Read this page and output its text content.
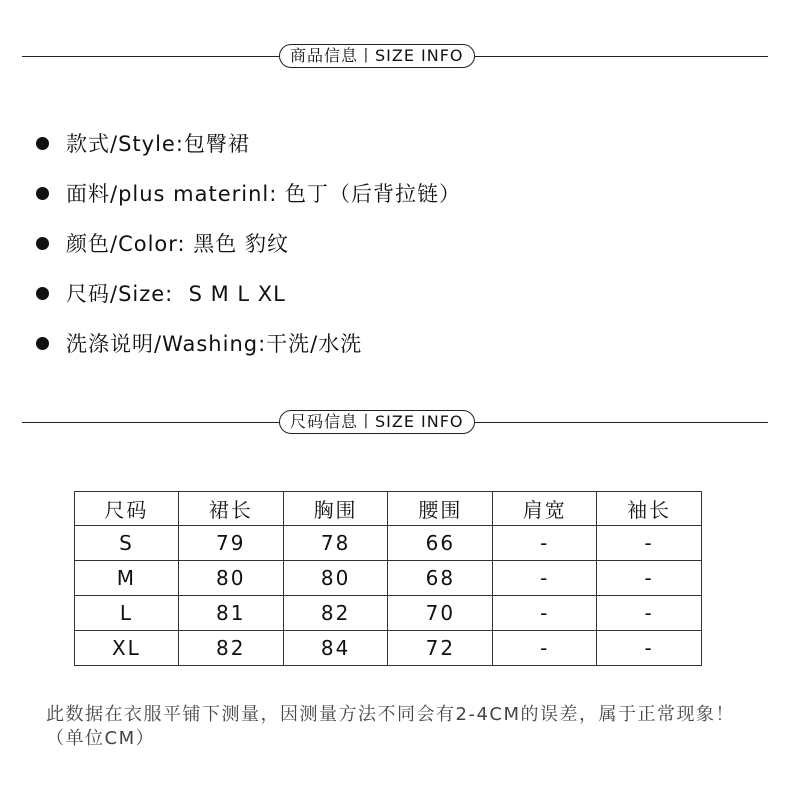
商品信息丨SIZE INFO
款式/Style:包臀裙
面料/plus materinl: 色丁（后背拉链）
颜色/Color: 黑色 豹纹
尺码/Size:  S M L XL
洗涤说明/Washing:干洗/水洗
尺码信息丨SIZE INFO
尺码	裙长	胸围	腰围	肩宽	袖长
S	79	78	66	-	-
M	80	80	68	-	-
L	81	82	70	-	-
XL	82	84	72	-	-

此数据在衣服平铺下测量，因测量方法不同会有2-4CM的误差，属于正常现象！（单位CM）
